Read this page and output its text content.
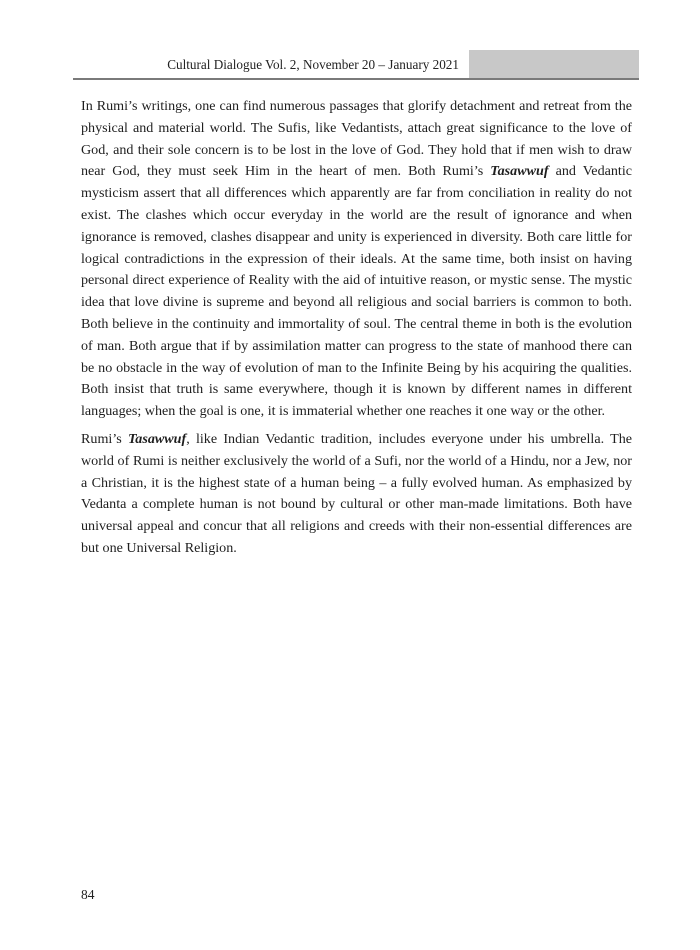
Cultural Dialogue Vol. 2, November 20 – January 2021

In Rumi’s writings, one can find numerous passages that glorify detachment and retreat from the physical and material world. The Sufis, like Vedantists, attach great significance to the love of God, and their sole concern is to be lost in the love of God. They hold that if men wish to draw near God, they must seek Him in the heart of men. Both Rumi’s Tasawwuf and Vedantic mysticism assert that all differences which apparently are far from conciliation in reality do not exist. The clashes which occur everyday in the world are the result of ignorance and when ignorance is removed, clashes disappear and unity is experienced in diversity. Both care little for logical contradictions in the expression of their ideals. At the same time, both insist on having personal direct experience of Reality with the aid of intuitive reason, or mystic sense. The mystic idea that love divine is supreme and beyond all religious and social barriers is common to both. Both believe in the continuity and immortality of soul. The central theme in both is the evolution of man. Both argue that if by assimilation matter can progress to the state of manhood there can be no obstacle in the way of evolution of man to the Infinite Being by his acquiring the qualities. Both insist that truth is same everywhere, though it is known by different names in different languages; when the goal is one, it is immaterial whether one reaches it one way or the other.

Rumi’s Tasawwuf, like Indian Vedantic tradition, includes everyone under his umbrella. The world of Rumi is neither exclusively the world of a Sufi, nor the world of a Hindu, nor a Jew, nor a Christian, it is the highest state of a human being – a fully evolved human. As emphasized by Vedanta a complete human is not bound by cultural or other man-made limitations. Both have universal appeal and concur that all religions and creeds with their non-essential differences are but one Universal Religion.

84
